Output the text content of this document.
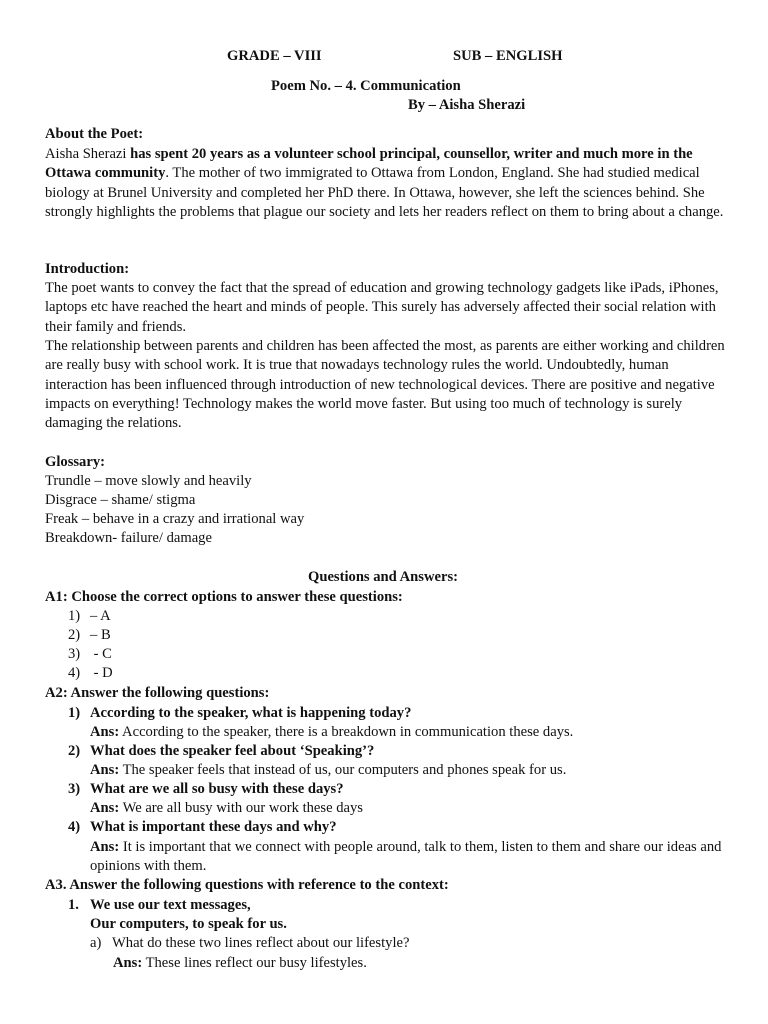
GRADE – VIII	SUB – ENGLISH
Poem No. – 4. Communication
By – Aisha Sherazi
About the Poet:
Aisha Sherazi has spent 20 years as a volunteer school principal, counsellor, writer and much more in the Ottawa community. The mother of two immigrated to Ottawa from London, England. She had studied medical biology at Brunel University and completed her PhD there. In Ottawa, however, she left the sciences behind. She strongly highlights the problems that plague our society and lets her readers reflect on them to bring about a change.
Introduction:
The poet wants to convey the fact that the spread of education and growing technology gadgets like iPads, iPhones, laptops etc have reached the heart and minds of people. This surely has adversely affected their social relation with their family and friends.
The relationship between parents and children has been affected the most, as parents are either working and children are really busy with school work. It is true that nowadays technology rules the world. Undoubtedly, human interaction has been influenced through introduction of new technological devices. There are positive and negative impacts on everything! Technology makes the world move faster. But using too much of technology is surely damaging the relations.
Glossary:
Trundle – move slowly and heavily
Disgrace – shame/ stigma
Freak – behave in a crazy and irrational way
Breakdown- failure/ damage
Questions and Answers:
A1: Choose the correct options to answer these questions:
1) – A
2) – B
3) - C
4) - D
A2: Answer the following questions:
1) According to the speaker, what is happening today?
Ans: According to the speaker, there is a breakdown in communication these days.
2) What does the speaker feel about ‘Speaking’?
Ans: The speaker feels that instead of us, our computers and phones speak for us.
3) What are we all so busy with these days?
Ans: We are all busy with our work these days
4) What is important these days and why?
Ans: It is important that we connect with people around, talk to them, listen to them and share our ideas and opinions with them.
A3. Answer the following questions with reference to the context:
1. We use our text messages,
Our computers, to speak for us.
a) What do these two lines reflect about our lifestyle?
Ans: These lines reflect our busy lifestyles.
